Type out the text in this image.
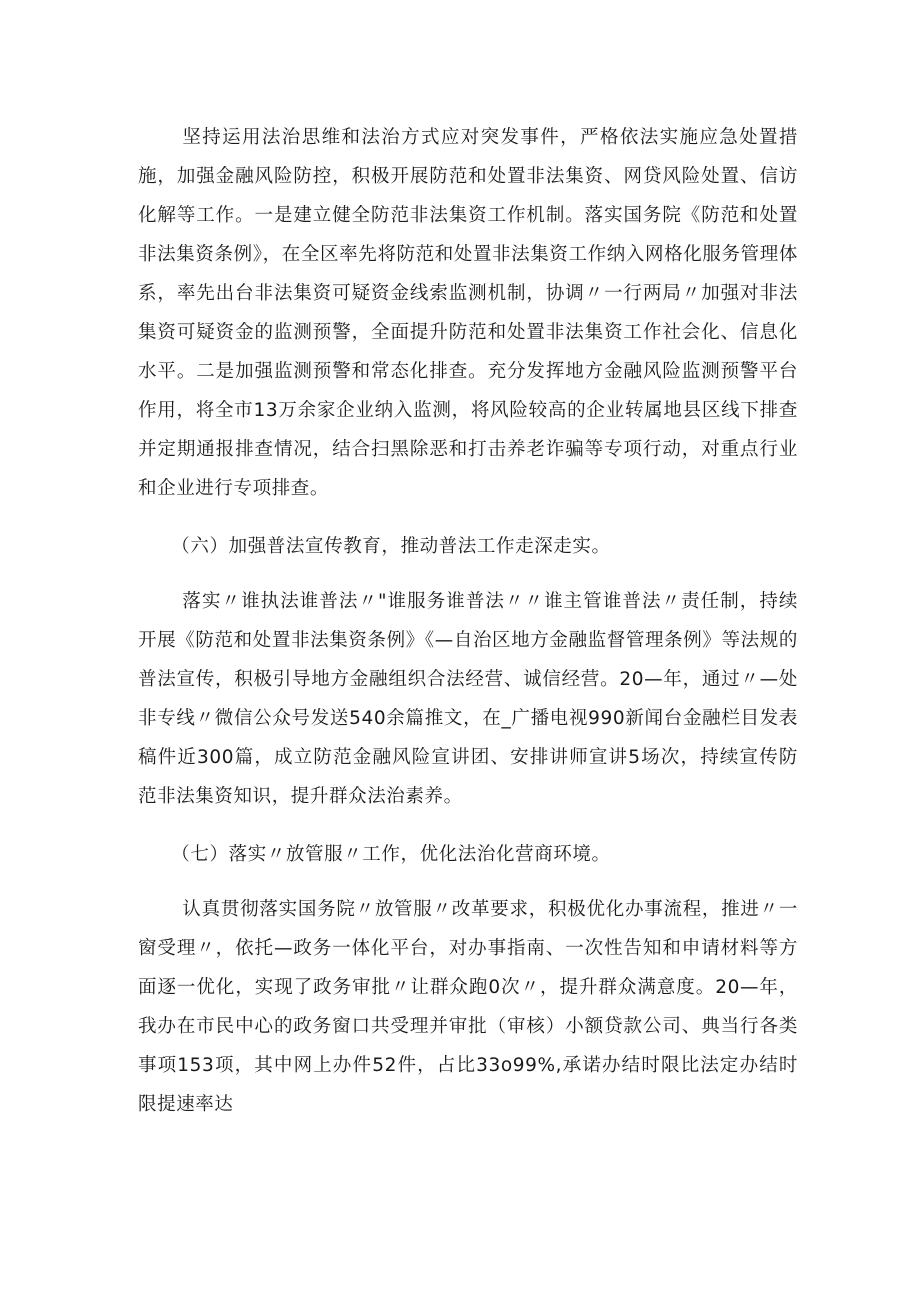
坚持运用法治思维和法治方式应对突发事件，严格依法实施应急处置措施，加强金融风险防控，积极开展防范和处置非法集资、网贷风险处置、信访化解等工作。一是建立健全防范非法集资工作机制。落实国务院《防范和处置非法集资条例》，在全区率先将防范和处置非法集资工作纳入网格化服务管理体系，率先出台非法集资可疑资金线索监测机制，协调〃一行两局〃加强对非法集资可疑资金的监测预警，全面提升防范和处置非法集资工作社会化、信息化水平。二是加强监测预警和常态化排查。充分发挥地方金融风险监测预警平台作用，将全市13万余家企业纳入监测，将风险较高的企业转属地县区线下排查并定期通报排查情况，结合扫黑除恶和打击养老诈骗等专项行动，对重点行业和企业进行专项排查。

（六）加强普法宣传教育，推动普法工作走深走实。

落实〃谁执法谁普法〃"谁服务谁普法〃〃谁主管谁普法〃责任制，持续开展《防范和处置非法集资条例》《—自治区地方金融监督管理条例》等法规的普法宣传，积极引导地方金融组织合法经营、诚信经营。20—年，通过〃—处非专线〃微信公众号发送540余篇推文，在_广播电视990新闻台金融栏目发表稿件近300篇，成立防范金融风险宣讲团、安排讲师宣讲5场次，持续宣传防范非法集资知识，提升群众法治素养。

（七）落实〃放管服〃工作，优化法治化营商环境。

认真贯彻落实国务院〃放管服〃改革要求，积极优化办事流程，推进〃一窗受理〃，依托—政务一体化平台，对办事指南、一次性告知和申请材料等方面逐一优化，实现了政务审批〃让群众跑0次〃，提升群众满意度。20—年，我办在市民中心的政务窗口共受理并审批（审核）小额贷款公司、典当行各类事项153项，其中网上办件52件，占比33o99%,承诺办结时限比法定办结时限提速率达
